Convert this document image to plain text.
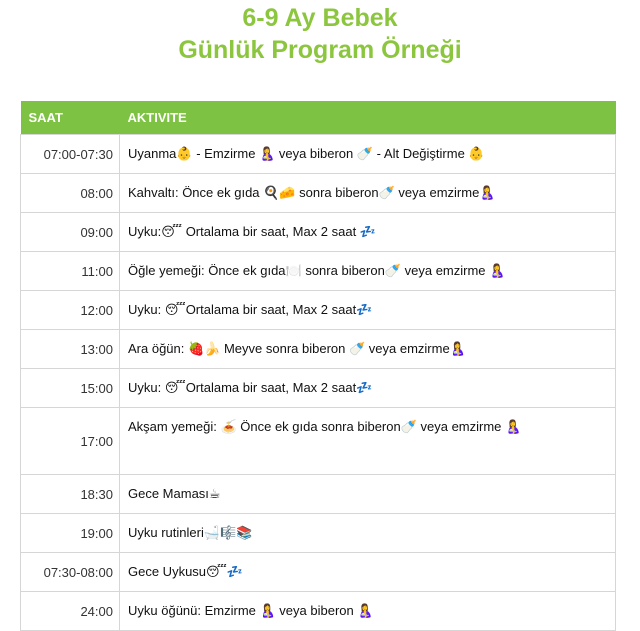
6-9 Ay Bebek
Günlük Program Örneği
SAAT	AKTIVITE
07:00-07:30	Uyanma👶 - Emzirme 🤱 veya biberon 🍼 - Alt Değiştirme 👶
08:00	Kahvaltı: Önce ek gıda 🍳🧀 sonra biberon🍼 veya emzirme🤱
09:00	Uyku:😴 Ortalama bir saat, Max 2 saat 💤
11:00	Öğle yemeği: Önce ek gıda🍽️ sonra biberon🍼 veya emzirme 🤱
12:00	Uyku: 😴Ortalama bir saat, Max 2 saat💤
13:00	Ara öğün: 🍓🍌 Meyve sonra biberon 🍼 veya emzirme🤱
15:00	Uyku: 😴Ortalama bir saat, Max 2 saat💤
17:00	Akşam yemeği: 🍝 Önce ek gıda sonra biberon🍼 veya emzirme 🤱
18:30	Gece Maması☕
19:00	Uyku rutinleri🛁🎼📚
07:30-08:00	Gece Uykusu😴💤
24:00	Uyku öğünü: Emzirme 🤱 veya biberon 🤱
